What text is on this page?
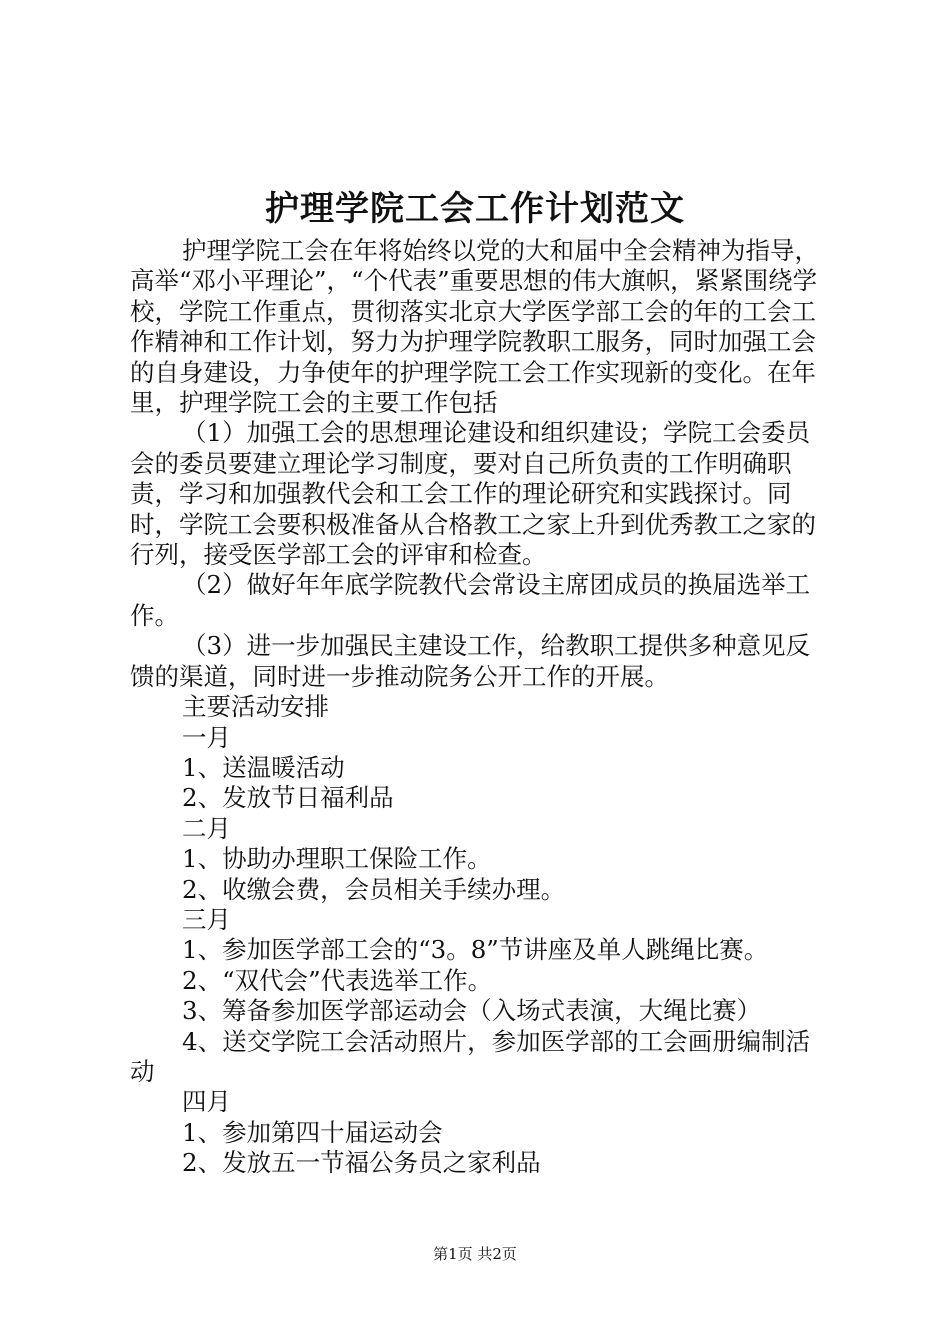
护理学院工会工作计划范文

护理学院工会在年将始终以党的大和届中全会精神为指导，高举“邓小平理论”，“个代表”重要思想的伟大旗帜，紧紧围绕学校，学院工作重点，贯彻落实北京大学医学部工会的年的工会工作精神和工作计划，努力为护理学院教职工服务，同时加强工会的自身建设，力争使年的护理学院工会工作实现新的变化。在年里，护理学院工会的主要工作包括

（1）加强工会的思想理论建设和组织建设；学院工会委员会的委员要建立理论学习制度，要对自己所负责的工作明确职责，学习和加强教代会和工会工作的理论研究和实践探讨。同时，学院工会要积极准备从合格教工之家上升到优秀教工之家的行列，接受医学部工会的评审和检查。

（2）做好年年底学院教代会常设主席团成员的换届选举工作。

（3）进一步加强民主建设工作，给教职工提供多种意见反馈的渠道，同时进一步推动院务公开工作的开展。

主要活动安排

一月

1、送温暖活动

2、发放节日福利品

二月

1、协助办理职工保险工作。

2、收缴会费，会员相关手续办理。

三月

1、参加医学部工会的“3。8”节讲座及单人跳绳比赛。

2、“双代会”代表选举工作。

3、筹备参加医学部运动会（入场式表演，大绳比赛）

4、送交学院工会活动照片，参加医学部的工会画册编制活动

四月

1、参加第四十届运动会

2、发放五一节福公务员之家利品

第1页 共2页
